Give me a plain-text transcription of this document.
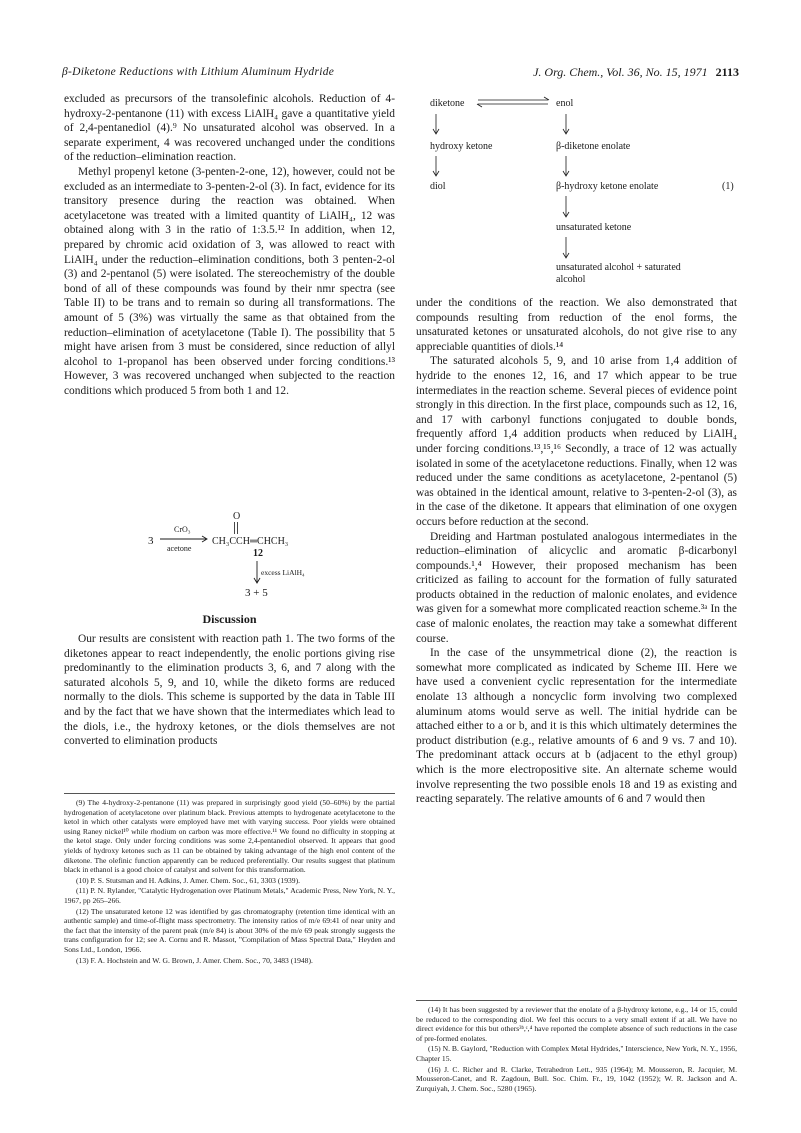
β-Diketone Reductions with Lithium Aluminum Hydride	J. Org. Chem., Vol. 36, No. 15, 1971 2113

excluded as precursors of the transolefinic alcohols. Reduction of 4-hydroxy-2-pentanone (11) with excess LiAlH₄ gave a quantitative yield of 2,4-pentanediol (4).⁹ No unsaturated alcohol was observed. In a separate experiment, 4 was recovered unchanged under the conditions of the reduction–elimination reaction.

Methyl propenyl ketone (3-penten-2-one, 12), however, could not be excluded as an intermediate to 3-penten-2-ol (3). In fact, evidence for its transitory presence during the reaction was obtained. When acetylacetone was treated with a limited quantity of LiAlH₄, 12 was obtained along with 3 in the ratio of 1:3.5.¹² In addition, when 12, prepared by chromic acid oxidation of 3, was allowed to react with LiAlH₄ under the reduction–elimination conditions, both 3 penten-2-ol (3) and 2-pentanol (5) were isolated. The stereochemistry of the double bond of all of these compounds was found by their nmr spectra (see Table II) to be trans and to remain so during all transformations. The amount of 5 (3%) was virtually the same as that obtained from the reduction–elimination of acetylacetone (Table I). The possibility that 5 might have arisen from 3 must be considered, since reduction of allyl alcohol to 1-propanol has been observed under forcing conditions.¹³ However, 3 was recovered unchanged when subjected to the reaction conditions which produced 5 from both 1 and 12.

3
CrO₃
acetone
O
CH₃CCH═CHCH₃
12
excess LiAlH₄
3 + 5
Discussion

Our results are consistent with reaction path 1. The two forms of the diketones appear to react independently, the enolic portions giving rise predominantly to the elimination products 3, 6, and 7 along with the saturated alcohols 5, 9, and 10, while the diketo forms are reduced normally to the diols. This scheme is supported by the data in Table III and by the fact that we have shown that the intermediates which lead to the diols, i.e., the hydroxy ketones, or the diols themselves are not converted to elimination products

(9) The 4-hydroxy-2-pentanone (11) was prepared in surprisingly good yield (50–60%) by the partial hydrogenation of acetylacetone over platinum black. Previous attempts to hydrogenate acetylacetone to the ketol in which other catalysts were employed have met with varying success. Poor yields were obtained using Raney nickel¹⁰ while rhodium on carbon was more effective.¹¹ We found no difficulty in stopping at the ketol stage. Only under forcing conditions was some 2,4-pentanediol observed. It appears that good yields of hydroxy ketones such as 11 can be obtained by taking advantage of the high enol content of the diketone. The olefinic function apparently can be reduced preferentially. Our results suggest that platinum black in ethanol is a good choice of catalyst and solvent for this transformation.

(10) P. S. Stutsman and H. Adkins, J. Amer. Chem. Soc., 61, 3303 (1939).

(11) P. N. Rylander, "Catalytic Hydrogenation over Platinum Metals," Academic Press, New York, N. Y., 1967, pp 265–266.

(12) The unsaturated ketone 12 was identified by gas chromatography (retention time identical with an authentic sample) and time-of-flight mass spectrometry. The intensity ratios of m/e 69:41 of near unity and the fact that the intensity of the parent peak (m/e 84) is about 30% of the m/e 69 peak strongly suggests the trans configuration for 12; see A. Cornu and R. Massot, "Compilation of Mass Spectral Data," Heyden and Sons Ltd., London, 1966.

(13) F. A. Hochstein and W. G. Brown, J. Amer. Chem. Soc., 70, 3483 (1948).

diketone	enol
hydroxy ketone	β-diketone enolate
diol	β-hydroxy ketone enolate	(1)
unsaturated ketone
unsaturated alcohol + saturated
alcohol

under the conditions of the reaction. We also demonstrated that compounds resulting from reduction of the enol forms, the unsaturated ketones or unsaturated alcohols, do not give rise to any appreciable quantities of diols.¹⁴

The saturated alcohols 5, 9, and 10 arise from 1,4 addition of hydride to the enones 12, 16, and 17 which appear to be true intermediates in the reaction scheme. Several pieces of evidence point strongly in this direction. In the first place, compounds such as 12, 16, and 17 with carbonyl functions conjugated to double bonds, frequently afford 1,4 addition products when reduced by LiAlH₄ under forcing conditions.¹³,¹⁵,¹⁶ Secondly, a trace of 12 was actually isolated in some of the acetylacetone reductions. Finally, when 12 was reduced under the same conditions as acetylacetone, 2-pentanol (5) was obtained in the identical amount, relative to 3-penten-2-ol (3), as in the case of the diketone. It appears that elimination of one oxygen occurs before reduction at the second.

Dreiding and Hartman postulated analogous intermediates in the reduction–elimination of alicyclic and aromatic β-dicarbonyl compounds.¹,⁴ However, their proposed mechanism has been criticized as failing to account for the formation of fully saturated products obtained in the reduction of malonic enolates, and evidence was given for a somewhat more complicated reaction scheme.³ᵃ In the case of malonic enolates, the reaction may take a somewhat different course.

In the case of the unsymmetrical dione (2), the reaction is somewhat more complicated as indicated by Scheme III. Here we have used a convenient cyclic representation for the intermediate enolate 13 although a noncyclic form involving two complexed aluminum atoms would serve as well. The initial hydride can be attached either to a or b, and it is this which ultimately determines the product distribution (e.g., relative amounts of 6 and 9 vs. 7 and 10). The predominant attack occurs at b (adjacent to the ethyl group) which is the more electropositive site. An alternate scheme would involve representing the two possible enols 18 and 19 as existing and reacting separately. The relative amounts of 6 and 7 would then

(14) It has been suggested by a reviewer that the enolate of a β-hydroxy ketone, e.g., 14 or 15, could be reduced to the corresponding diol. We feel this occurs to a very small extent if at all. We have no direct evidence for this but others³ᵇ,ᶜ,⁴ have reported the complete absence of such reductions in the case of pre-formed enolates.

(15) N. B. Gaylord, "Reduction with Complex Metal Hydrides," Interscience, New York, N. Y., 1956, Chapter 15.

(16) J. C. Richer and R. Clarke, Tetrahedron Lett., 935 (1964); M. Mousseron, R. Jacquier, M. Mousseron-Canet, and R. Zagdoun, Bull. Soc. Chim. Fr., 19, 1042 (1952); W. R. Jackson and A. Zurquiyah, J. Chem. Soc., 5280 (1965).
